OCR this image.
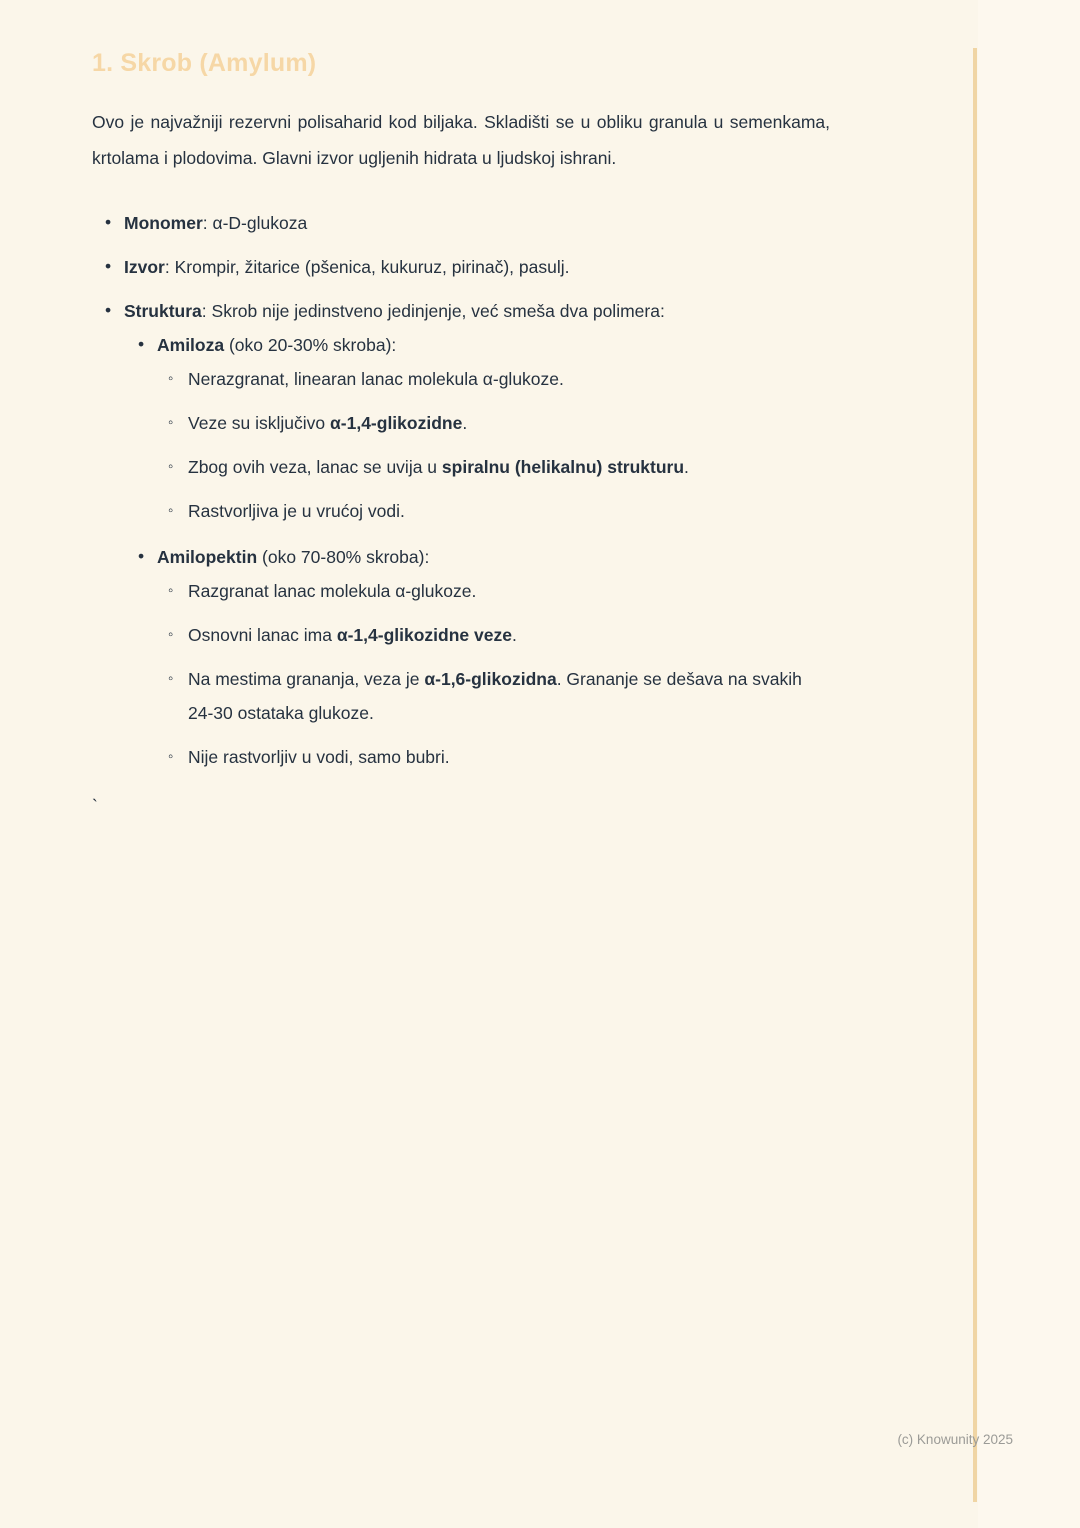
1. Skrob (Amylum)

Ovo je najvažniji rezervni polisaharid kod biljaka. Skladišti se u obliku granula u semenkama, krtolama i plodovima. Glavni izvor ugljenih hidrata u ljudskoj ishrani.

• Monomer: α-D-glukoza
• Izvor: Krompir, žitarice (pšenica, kukuruz, pirinač), pasulj.
• Struktura: Skrob nije jedinstveno jedinjenje, već smeša dva polimera:
• Amiloza (oko 20-30% skroba):
◦ Nerazgranat, linearan lanac molekula α-glukoze.
◦ Veze su isključivo α-1,4-glikozidne.
◦ Zbog ovih veza, lanac se uvija u spiralnu (helikalnu) strukturu.
◦ Rastvorljiva je u vrućoj vodi.
• Amilopektin (oko 70-80% skroba):
◦ Razgranat lanac molekula α-glukoze.
◦ Osnovni lanac ima α-1,4-glikozidne veze.
◦ Na mestima grananja, veza je α-1,6-glikozidna. Grananje se dešava na svakih 24-30 ostataka glukoze.
◦ Nije rastvorljiv u vodi, samo bubri.
`
(c) Knowunity 2025
